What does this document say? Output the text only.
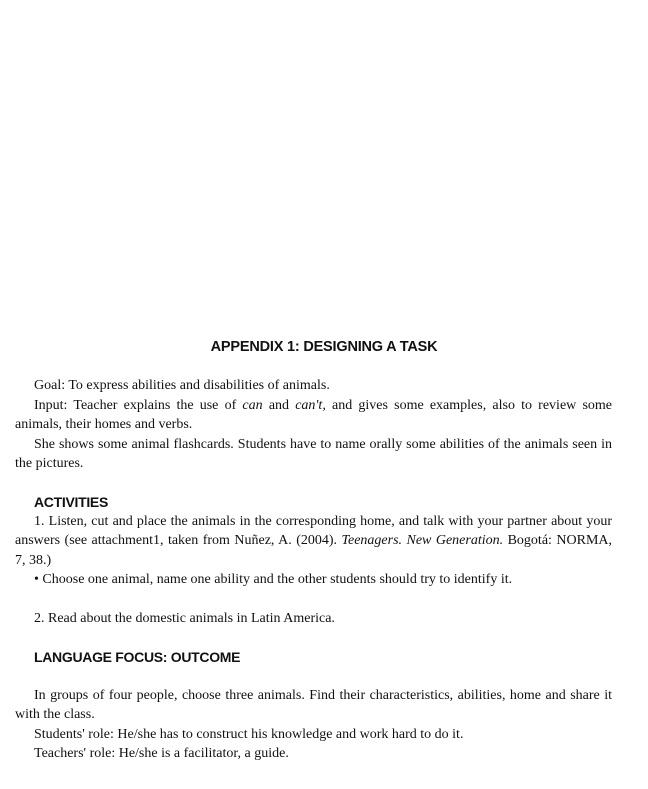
APPENDIX 1: DESIGNING A TASK
Goal: To express abilities and disabilities of animals.
Input: Teacher explains the use of can and can't, and gives some examples, also to review some animals, their homes and verbs.
She shows some animal flashcards. Students have to name orally some abilities of the animals seen in the pictures.
ACTIVITIES
1. Listen, cut and place the animals in the corresponding home, and talk with your partner about your answers (see attachment1, taken from Nuñez, A. (2004). Teenagers. New Generation. Bogotá: NORMA, 7, 38.)
• Choose one animal, name one ability and the other students should try to identify it.
2. Read about the domestic animals in Latin America.
LANGUAGE FOCUS: OUTCOME
In groups of four people, choose three animals. Find their characteristics, abilities, home and share it with the class.
Students' role: He/she has to construct his knowledge and work hard to do it.
Teachers' role: He/she is a facilitator, a guide.
